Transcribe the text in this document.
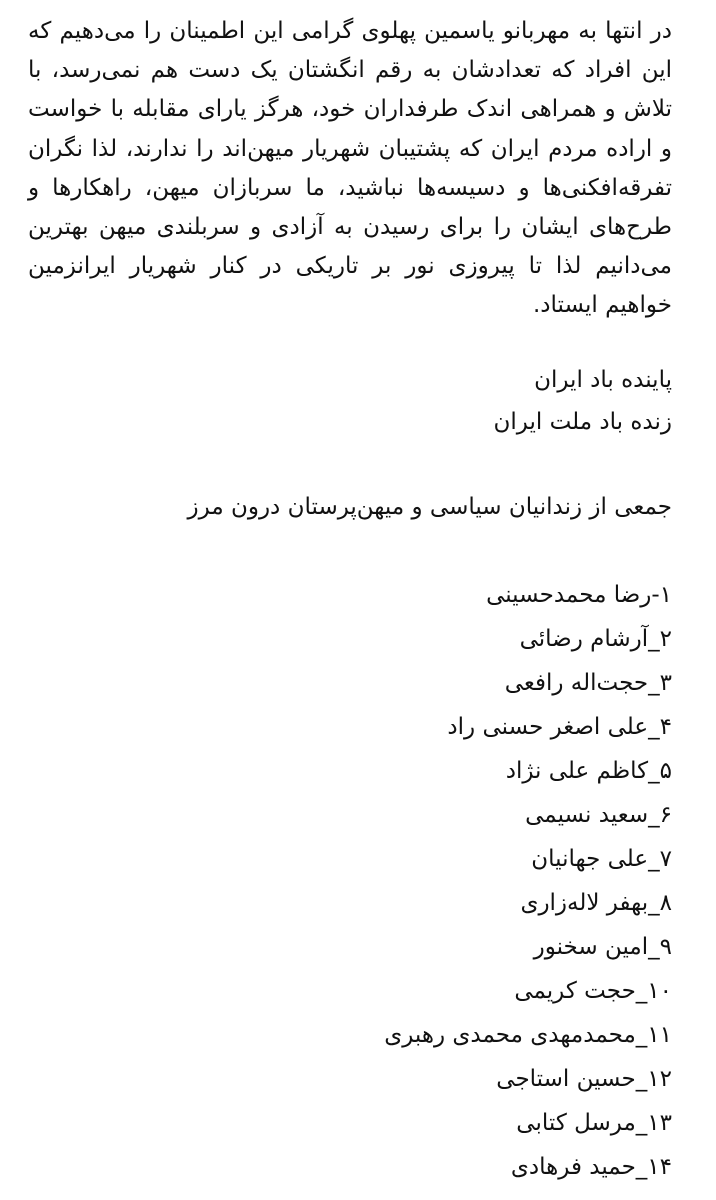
در انتها به مهربانو یاسمین پهلوی گرامی این اطمینان را می‌دهیم که این افراد که تعدادشان به رقم انگشتان یک دست هم نمی‌رسد، با تلاش و همراهی اندک طرفداران خود، هرگز یارای مقابله با خواست و اراده مردم ایران که پشتیبان شهریار میهن‌اند را ندارند، لذا نگران تفرقه‌افکنی‌ها و دسیسه‌ها نباشید، ما سربازان میهن، راهکارها و طرح‌های ایشان را برای رسیدن به آزادی و سربلندی میهن بهترین می‌دانیم لذا تا پیروزی نور بر تاریکی در کنار شهریار ایرانزمین خواهیم ایستاد.

پاینده باد ایران
زنده باد ملت ایران
جمعی از زندانیان سیاسی و میهن‌پرستان درون مرز
۱-رضا محمدحسینی
۲_آرشام رضائی
۳_حجت‌اله رافعی
۴_علی اصغر حسنی راد
۵_کاظم علی نژاد
۶_سعید نسیمی
۷_علی جهانیان
۸_بهفر لاله‌زاری
۹_امین سخنور
۱۰_حجت کریمی
۱۱_محمدمهدی محمدی رهبری
۱۲_حسین استاجی
۱۳_مرسل کتابی
۱۴_حمید فرهادی
